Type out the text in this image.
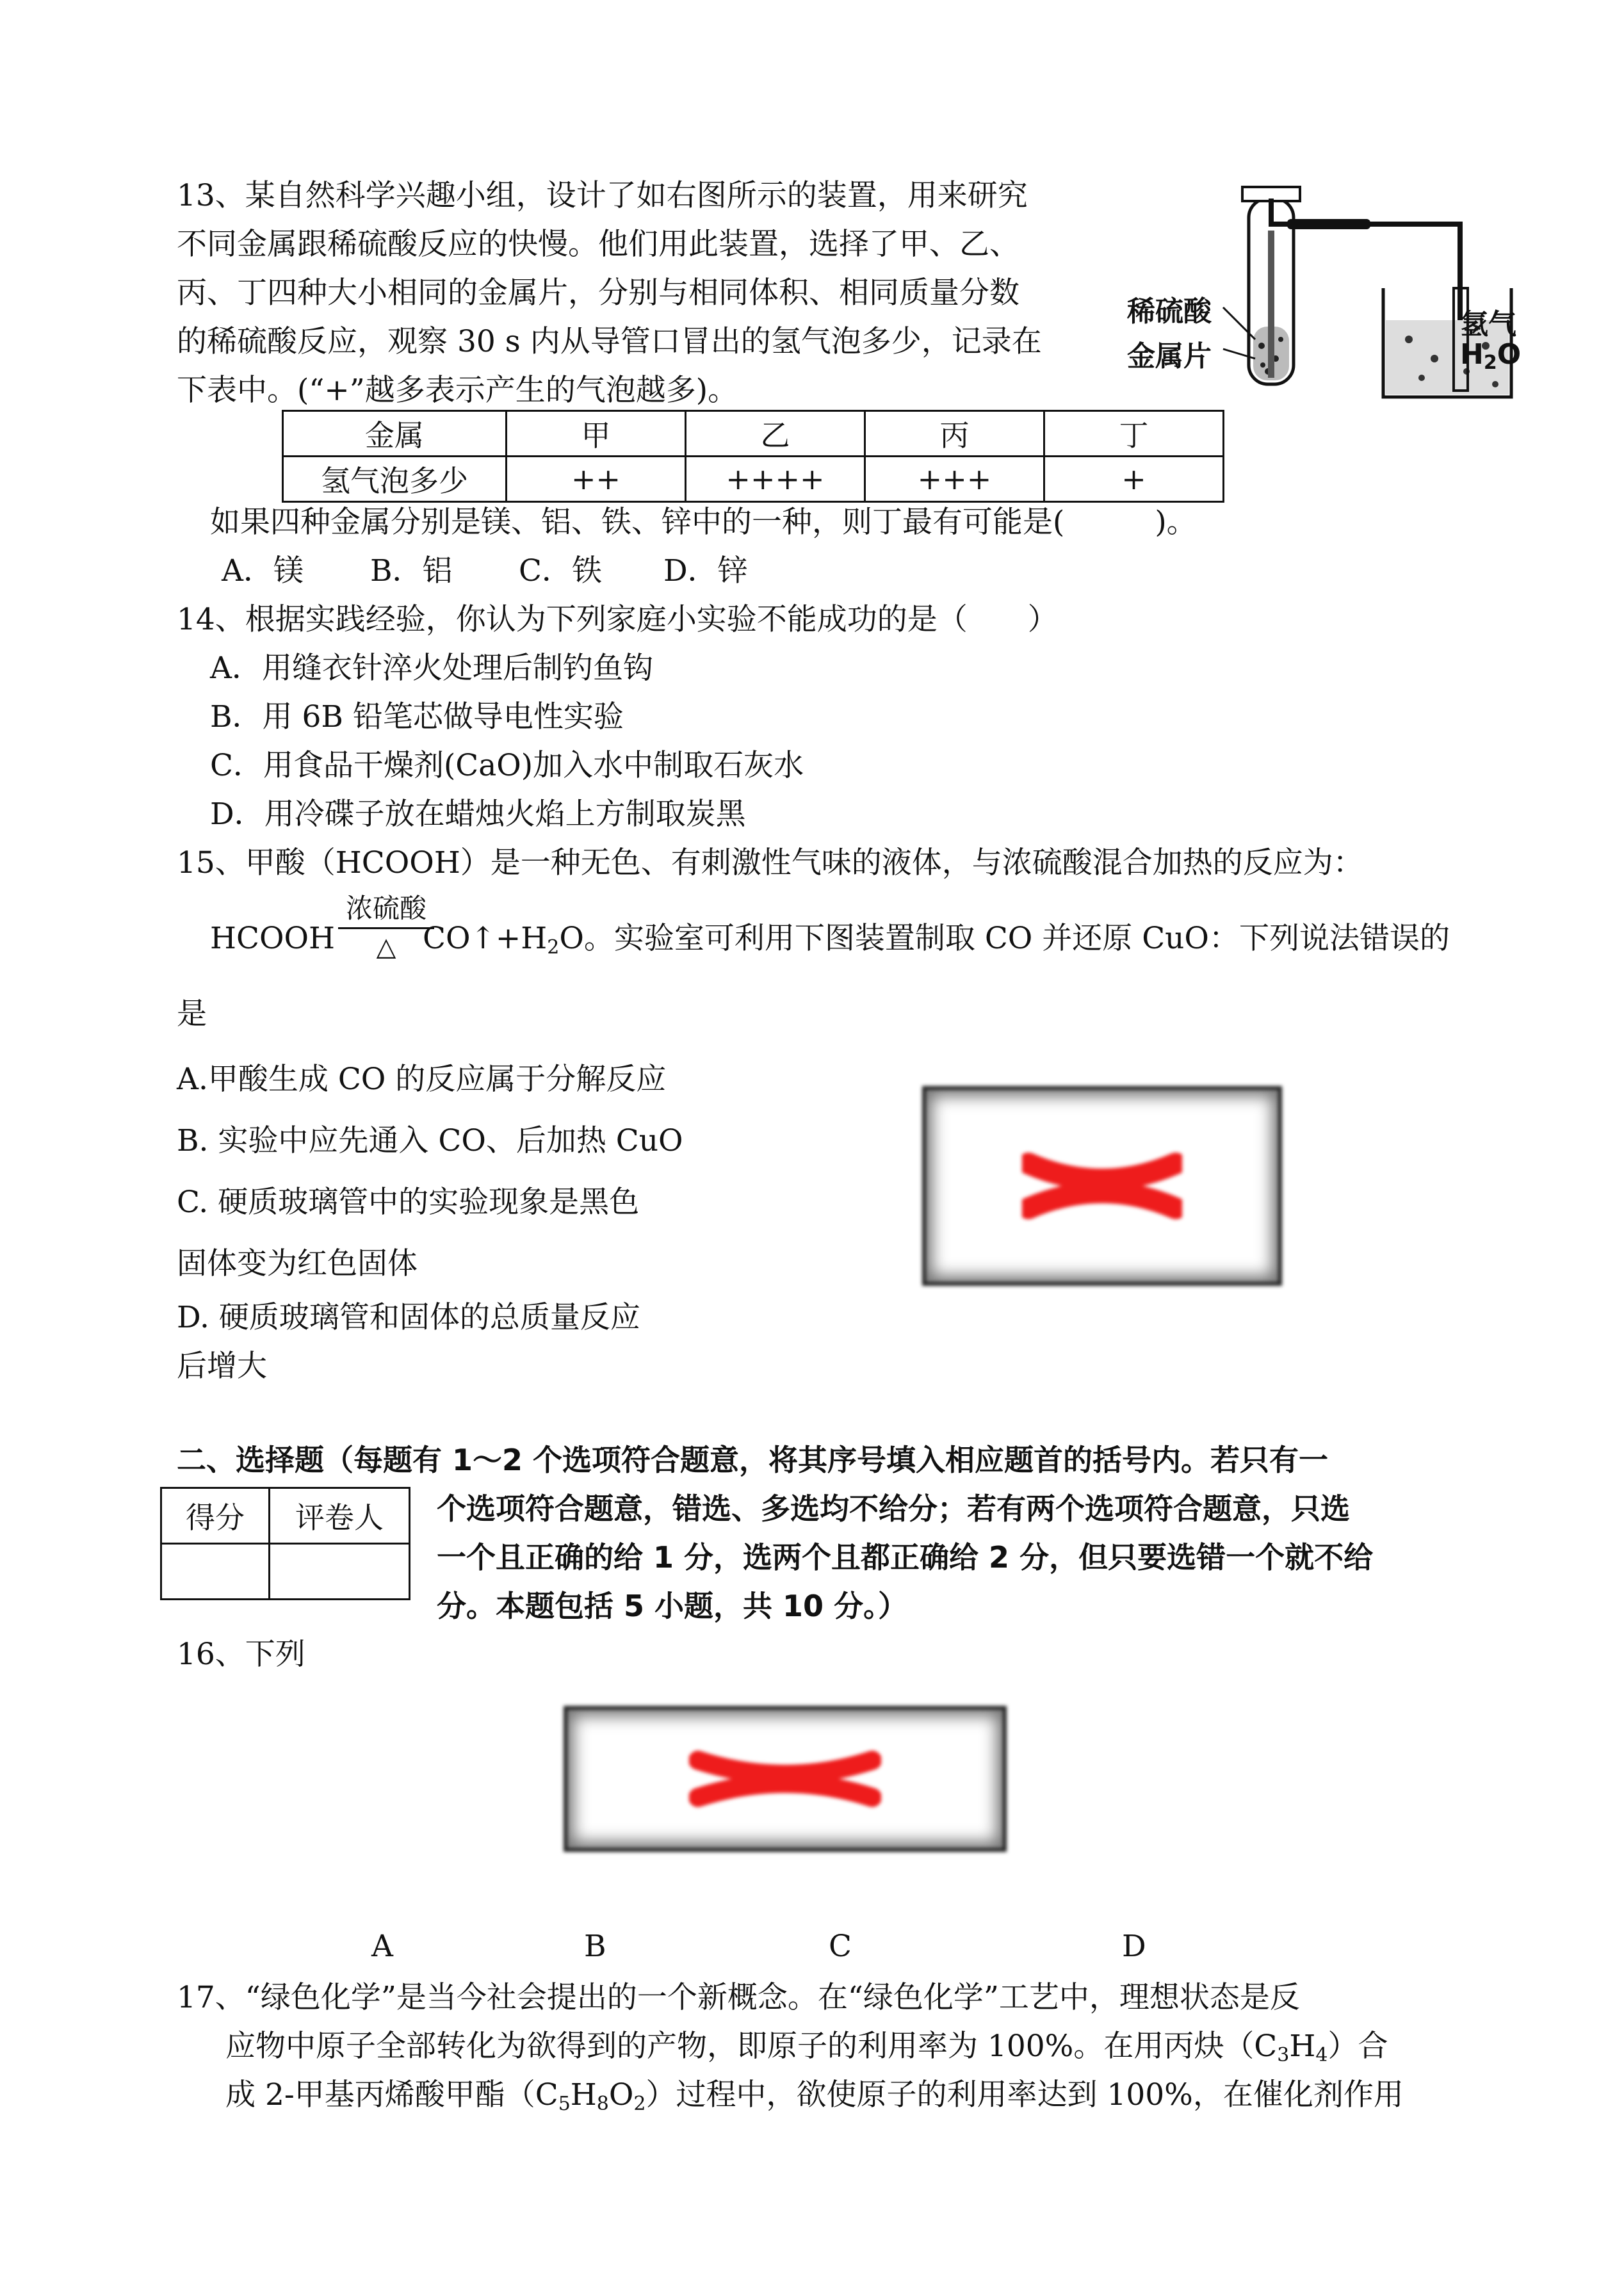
13、某自然科学兴趣小组，设计了如右图所示的装置，用来研究
不同金属跟稀硫酸反应的快慢。他们用此装置，选择了甲、乙、
丙、丁四种大小相同的金属片，分别与相同体积、相同质量分数
的稀硫酸反应，观察 30 s 内从导管口冒出的氢气泡多少，记录在
下表中。(“+”越多表示产生的气泡越多)。
稀硫酸
金属片
氢气
$H_2O$
金属	甲	乙	丙	丁
氢气泡多少	++	++++	+++	+
如果四种金属分别是镁、铝、铁、锌中的一种，则丁最有可能是(　　　)。
A．镁 B．铝 C．铁 D．锌
14、根据实践经验，你认为下列家庭小实验不能成功的是（　　）
A．用缝衣针淬火处理后制钓鱼钩
B．用 6B 铅笔芯做导电性实验
C．用食品干燥剂(CaO)加入水中制取石灰水
D．用冷碟子放在蜡烛火焰上方制取炭黑
15、甲酸（HCOOH）是一种无色、有刺激性气味的液体，与浓硫酸混合加热的反应为：
HCOOH
浓硫酸
△ $CO↑+H_2O$。实验室可利用下图装置制取 CO 并还原 CuO：下列说法错误的
是
A.甲酸生成 CO 的反应属于分解反应
B. 实验中应先通入 CO、后加热 CuO
C. 硬质玻璃管中的实验现象是黑色
固体变为红色固体
D. 硬质玻璃管和固体的总质量反应
后增大
二、选择题（每题有 1～2 个选项符合题意，将其序号填入相应题首的括号内。若只有一
得分	评卷人
	个选项符合题意，错选、多选均不给分；若有两个选项符合题意，只选
一个且正确的给 1 分，选两个且都正确给 2 分，但只要选错一个就不给
分。本题包括 5 小题，共 10 分。）
16、下列
A	B	C	D
17、“绿色化学”是当今社会提出的一个新概念。在“绿色化学”工艺中，理想状态是反
应物中原子全部转化为欲得到的产物，即原子的利用率为 100%。在用丙炔$(C_3H_4)$合
成 2-甲基丙烯酸甲酯$(C_5H_8O_2)$过程中，欲使原子的利用率达到 100%，在催化剂作用
